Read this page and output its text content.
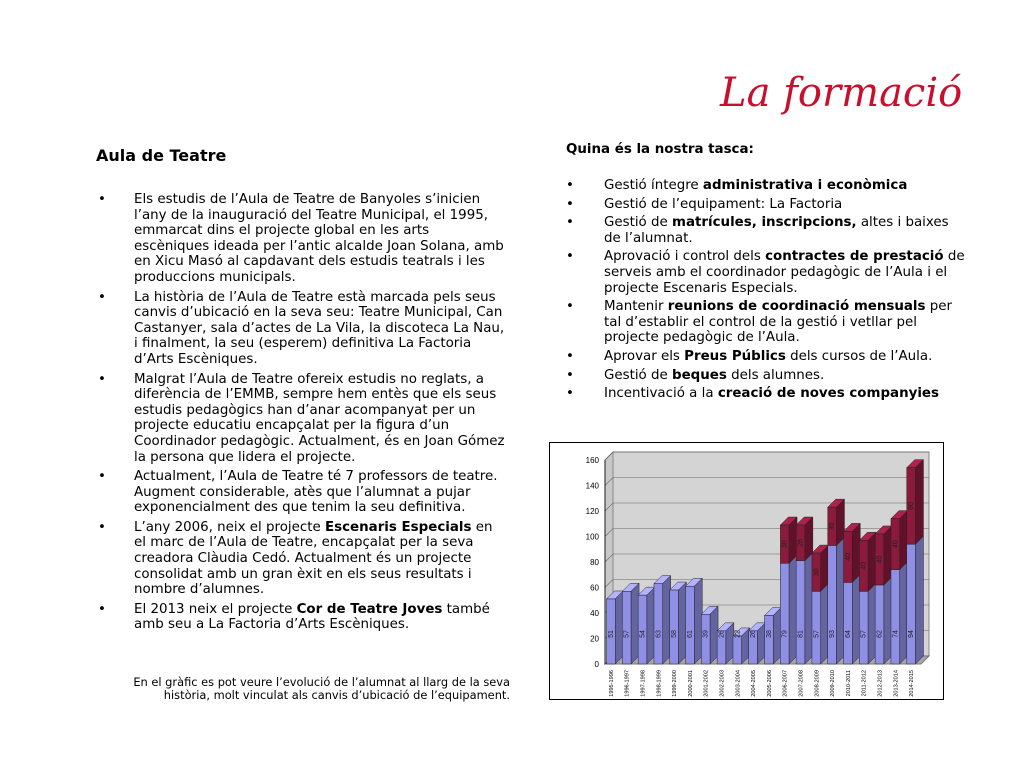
La formació
Aula de Teatre
• Els estudis de l’Aula de Teatre de Banyoles s’inicien l’any de la inauguració del Teatre Municipal, el 1995, emmarcat dins el projecte global en les arts escèniques ideada per l’antic alcalde Joan Solana, amb en Xicu Masó al capdavant dels estudis teatrals i les produccions municipals.
• La història de l’Aula de Teatre està marcada pels seus canvis d’ubicació en la seva seu: Teatre Municipal, Can Castanyer, sala d’actes de La Vila, la discoteca La Nau, i finalment, la seu (esperem) definitiva La Factoria d’Arts Escèniques.
• Malgrat l’Aula de Teatre ofereix estudis no reglats, a diferència de l’EMMB, sempre hem entès que els seus estudis pedagògics han d’anar acompanyat per un projecte educatiu encapçalat per la figura d’un Coordinador pedagògic. Actualment, és en Joan Gómez la persona que lidera el projecte.
• Actualment, l’Aula de Teatre té 7 professors de teatre. Augment considerable, atès que l’alumnat a pujar exponencialment des que tenim la seu definitiva.
• L’any 2006, neix el projecte Escenaris Especials en el marc de l’Aula de Teatre, encapçalat per la seva creadora Clàudia Cedó. Actualment és un projecte consolidat amb un gran èxit en els seus resultats i nombre d’alumnes.
• El 2013 neix el projecte Cor de Teatre Joves també amb seu a La Factoria d’Arts Escèniques.
En el gràfic es pot veure l’evolució de l’alumnat al llarg de la seva història, molt vinculat als canvis d’ubicació de l’equipament.
Quina és la nostra tasca:
• Gestió íntegre administrativa i econòmica
• Gestió de l’equipament: La Factoria
• Gestió de matrícules, inscripcions, altes i baixes de l’alumnat.
• Aprovació i control dels contractes de prestació de serveis amb el coordinador pedagògic de l’Aula i el projecte Escenaris Especials.
• Mantenir reunions de coordinació mensuals per tal d’establir el control de la gestió i vetllar pel projecte pedagògic de l’Aula.
• Aprovar els Preus Públics dels cursos de l’Aula.
• Gestió de beques dels alumnes.
• Incentivació a la creació de noves companyies
0
20
40
60
80
100
120
140
160
51
1995-1996
57
1996-1997
54
1997-1998
63
1998-1999
58
1999-2000
61
2000-2001
39
2001-2002
26
2002-2003
22
2003-2004
26
2004-2005
38
2005-2006
79
30
2006-2007
81
28
2007-2008
57
30
2008-2009
93
30
2009-2010
64
40
2010-2011
57
40
2011-2012
62
40
2012-2013
74
40
2013-2014
94
60
2014-2015
